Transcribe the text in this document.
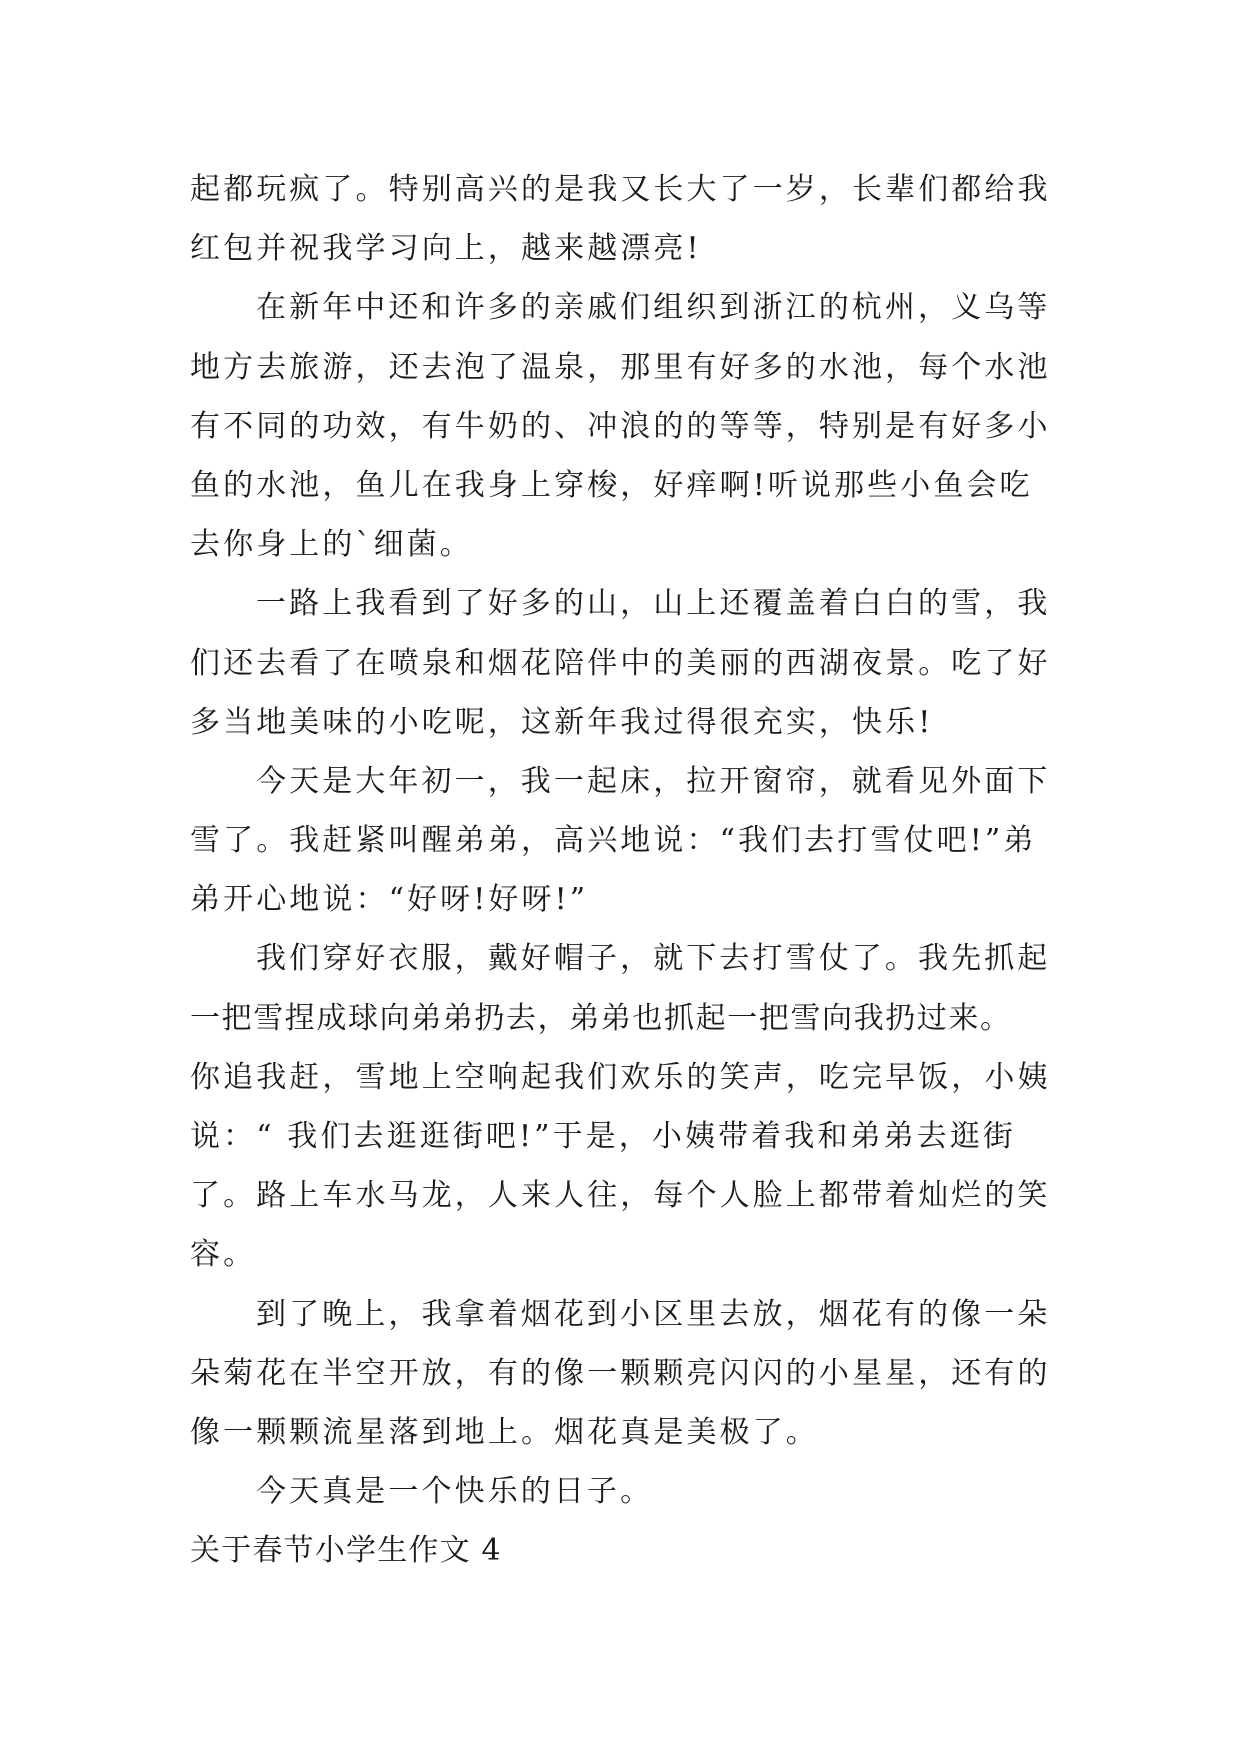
起都玩疯了。特别高兴的是我又长大了一岁，长辈们都给我
红包并祝我学习向上，越来越漂亮!
在新年中还和许多的亲戚们组织到浙江的杭州，义乌等
地方去旅游，还去泡了温泉，那里有好多的水池，每个水池
有不同的功效，有牛奶的、冲浪的的等等，特别是有好多小
鱼的水池，鱼儿在我身上穿梭，好痒啊!听说那些小鱼会吃
去你身上的`细菌。
一路上我看到了好多的山，山上还覆盖着白白的雪，我
们还去看了在喷泉和烟花陪伴中的美丽的西湖夜景。吃了好
多当地美味的小吃呢，这新年我过得很充实，快乐!
今天是大年初一，我一起床，拉开窗帘，就看见外面下
雪了。我赶紧叫醒弟弟，高兴地说：“我们去打雪仗吧!”弟
弟开心地说：“好呀!好呀!”
我们穿好衣服，戴好帽子，就下去打雪仗了。我先抓起
一把雪捏成球向弟弟扔去，弟弟也抓起一把雪向我扔过来。
你追我赶，雪地上空响起我们欢乐的笑声，吃完早饭，小姨
说：“ 我们去逛逛街吧!”于是，小姨带着我和弟弟去逛街
了。路上车水马龙，人来人往，每个人脸上都带着灿烂的笑
容。
到了晚上，我拿着烟花到小区里去放，烟花有的像一朵
朵菊花在半空开放，有的像一颗颗亮闪闪的小星星，还有的
像一颗颗流星落到地上。烟花真是美极了。
今天真是一个快乐的日子。
关于春节小学生作文 4
